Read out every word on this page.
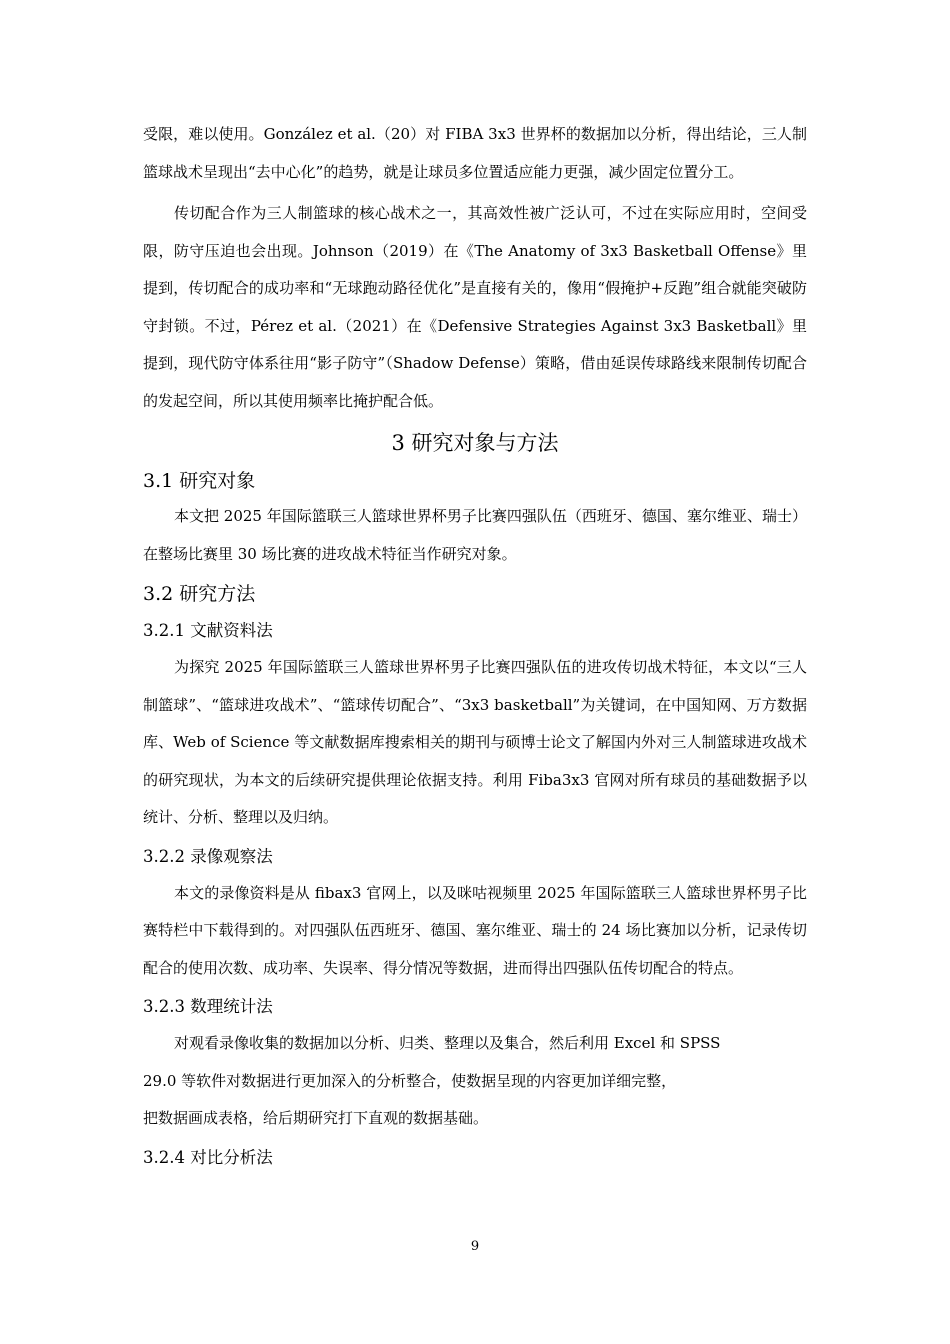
受限，难以使用。González et al.（20）对 FIBA 3x3 世界杯的数据加以分析，得出结论，三人制篮球战术呈现出“去中心化”的趋势，就是让球员多位置适应能力更强，减少固定位置分工。

传切配合作为三人制篮球的核心战术之一，其高效性被广泛认可，不过在实际应用时，空间受限，防守压迫也会出现。Johnson（2019）在《The Anatomy of 3x3 Basketball Offense》里提到，传切配合的成功率和“无球跑动路径优化”是直接有关的，像用“假掩护+反跑”组合就能突破防守封锁。不过，Pérez et al.（2021）在《Defensive Strategies Against 3x3 Basketball》里提到，现代防守体系往用“影子防守”（Shadow Defense）策略，借由延误传球路线来限制传切配合的发起空间，所以其使用频率比掩护配合低。

3 研究对象与方法
3.1 研究对象

本文把 2025 年国际篮联三人篮球世界杯男子比赛四强队伍（西班牙、德国、塞尔维亚、瑞士）在整场比赛里 30 场比赛的进攻战术特征当作研究对象。

3.2 研究方法
3.2.1 文献资料法

为探究 2025 年国际篮联三人篮球世界杯男子比赛四强队伍的进攻传切战术特征，本文以“三人制篮球”、“篮球进攻战术”、“篮球传切配合”、“3x3 basketball”为关键词，在中国知网、万方数据库、Web of Science 等文献数据库搜索相关的期刊与硕博士论文了解国内外对三人制篮球进攻战术的研究现状，为本文的后续研究提供理论依据支持。利用 Fiba3x3 官网对所有球员的基础数据予以统计、分析、整理以及归纳。

3.2.2 录像观察法

本文的录像资料是从 fibax3 官网上，以及咪咕视频里 2025 年国际篮联三人篮球世界杯男子比赛特栏中下载得到的。对四强队伍西班牙、德国、塞尔维亚、瑞士的 24 场比赛加以分析，记录传切配合的使用次数、成功率、失误率、得分情况等数据，进而得出四强队伍传切配合的特点。

3.2.3 数理统计法

对观看录像收集的数据加以分析、归类、整理以及集合，然后利用 Excel 和 SPSS

29.0 等软件对数据进行更加深入的分析整合，使数据呈现的内容更加详细完整，

把数据画成表格，给后期研究打下直观的数据基础。

3.2.4 对比分析法
9
